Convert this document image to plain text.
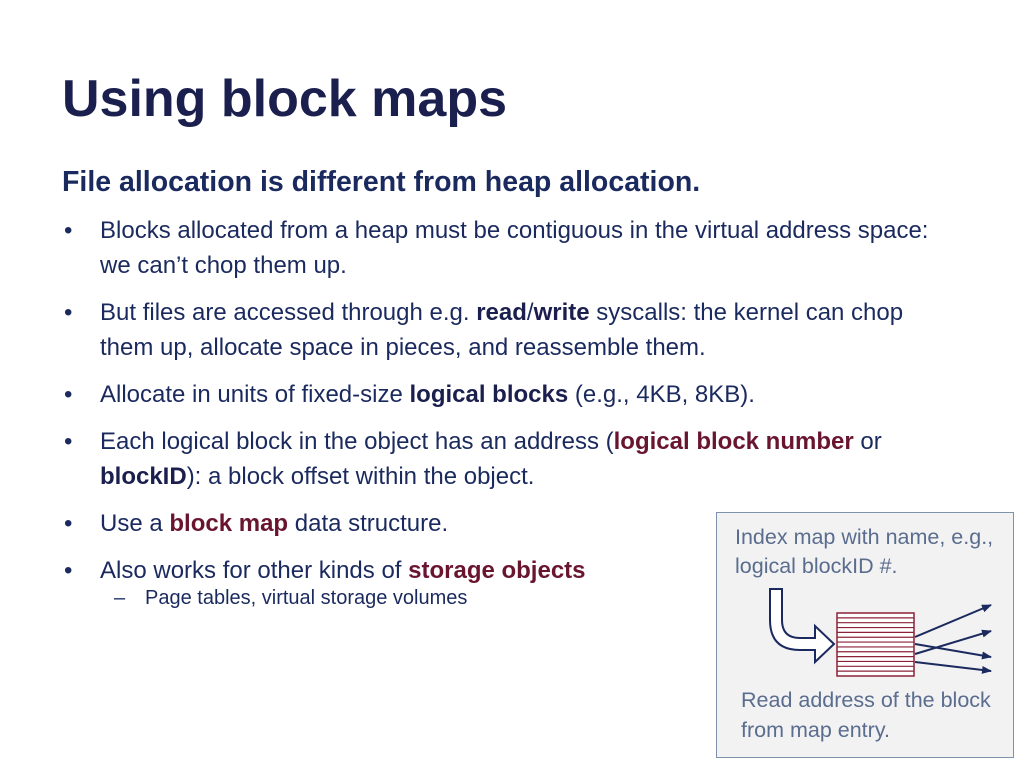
Using block maps
File allocation is different from heap allocation.
• Blocks allocated from a heap must be contiguous in the virtual address space: we can’t chop them up.
• But files are accessed through e.g. read/write syscalls: the kernel can chop them up, allocate space in pieces, and reassemble them.
• Allocate in units of fixed-size logical blocks (e.g., 4KB, 8KB).
• Each logical block in the object has an address (logical block number or blockID): a block offset within the object.
• Use a block map data structure.
• Also works for other kinds of storage objects
– Page tables, virtual storage volumes

Index map with name, e.g., logical blockID #.

Read address of the block from map entry.
